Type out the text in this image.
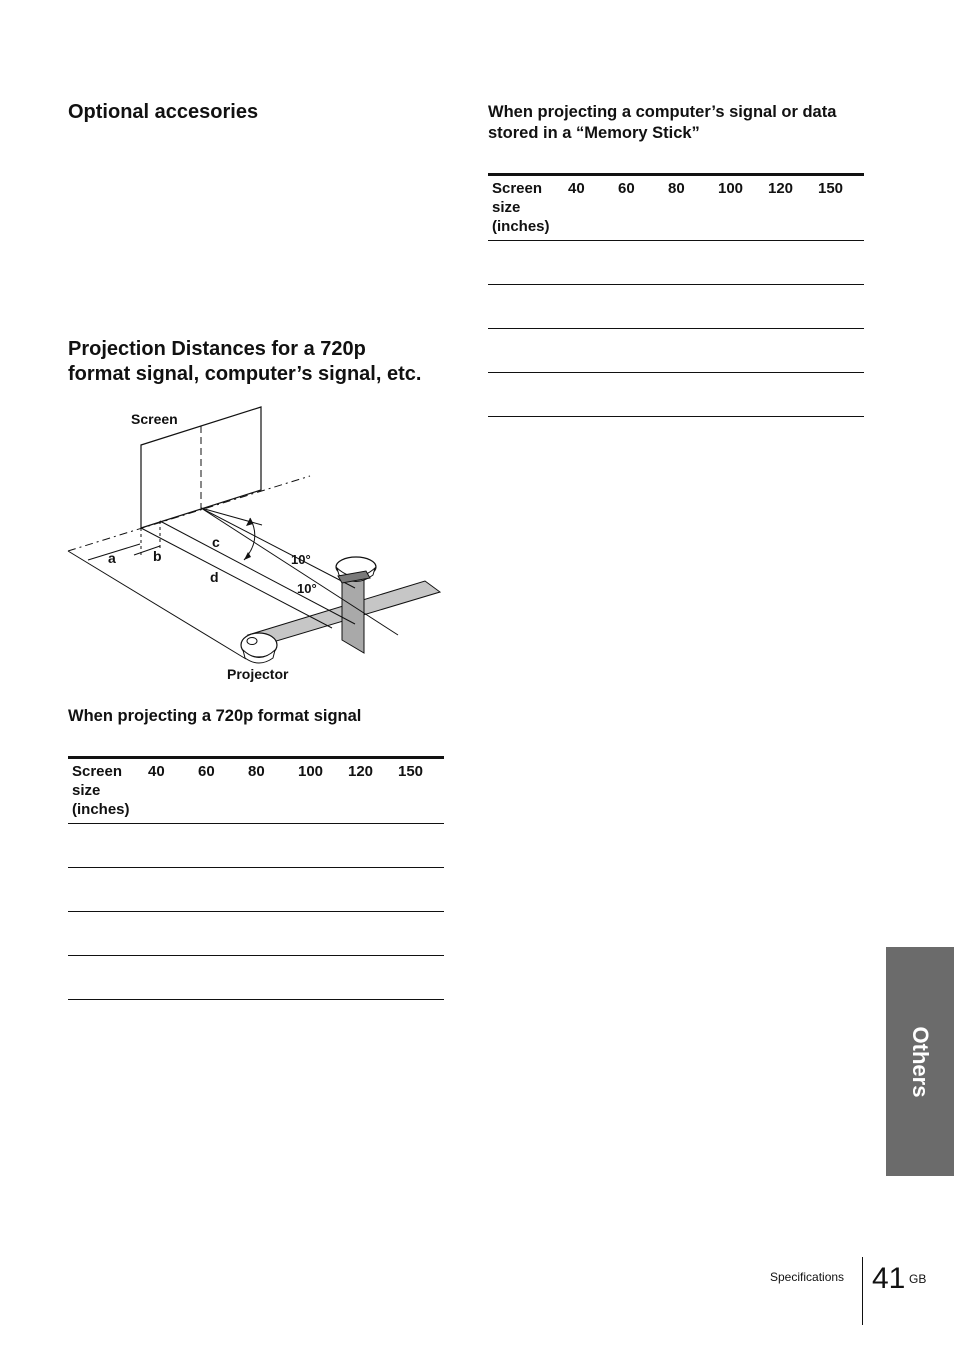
Optional accesories
Projection Distances for a 720p
format signal, computer’s signal, etc.
Screen
Projector
a	b
c
d
10°
10°
When projecting a 720p format signal
Screen
size
(inches)	40	60	80	100	120	150

When projecting a computer’s signal or data
stored in a “Memory Stick”
Screen
size
(inches)	40	60	80	100	120	150

Others
Specifications 41 GB
